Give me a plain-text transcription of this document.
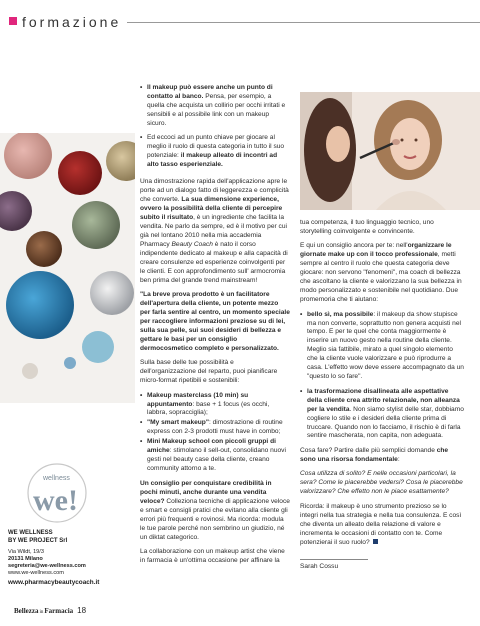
formazione

• Il makeup può essere anche un punto di contatto al banco. Pensa, per esempio, a quella che acquista un collirio per occhi irritati e sensibili e al possibile link con un makeup sicuro.

• Ed eccoci ad un punto chiave per giocare al meglio il ruolo di questa categoria in tutto il suo potenziale: il makeup alleato di incontri ad alto tasso esperienziale.

Una dimostrazione rapida dell'applicazione apre le porte ad un dialogo fatto di leggerezza e complicità che converte. La sua dimensione experience, ovvero la possibilità della cliente di percepire subito il risultato, è un ingrediente che facilita la vendita. Ne parlo da sempre, ed è il motivo per cui già nel lontano 2010 nella mia accademia Pharmacy Beauty Coach è nato il corso indipendente dedicato al makeup e alla capacità di creare consulenze ed esperienze coinvolgenti per le clienti. E con approfondimento sull' armocromia ben prima del grande trend mainstream!

"La breve prova prodotto è un facilitatore dell'apertura della cliente, un potente mezzo per farla sentire al centro, un momento speciale per raccogliere informazioni preziose su di lei, sulla sua pelle, sui suoi desideri di bellezza e gettare le basi per un consiglio dermocosmetico completo e personalizzato.

Sulla base delle tue possibilità e dell'organizzazione del reparto, puoi pianificare micro-format ripetibili e sostenibili:

• Makeup masterclass (10 min) su appuntamento: base + 1 focus (es occhi, labbra, sopracciglia);
• "My smart makeup": dimostrazione di routine express con 2-3 prodotti must have in combo;
• Mini Makeup school con piccoli gruppi di amiche: stimolano il sell-out, consolidano nuovi gesti nel beauty case della cliente, creano community attorno a te.

Un consiglio per conquistare credibilità in pochi minuti, anche durante una vendita veloce? Colleziona tecniche di applicazione veloce e smart e consigli pratici che evitano alla cliente gli errori più frequenti e rovinosi. Ma ricorda: modula le tue parole perché non sembrino un giudizio, né un diktat categorico.

La collaborazione con un makeup artist che viene in farmacia è un'ottima occasione per affinare la

tua competenza, il tuo linguaggio tecnico, uno storytelling coinvolgente e convincente.

E qui un consiglio ancora per te: nell'organizzare le giornate make up con il tocco professionale, metti sempre al centro il ruolo che questa categoria deve giocare: non servono "fenomeni", ma coach di bellezza che ascoltano la cliente e valorizzano la sua bellezza in modo personalizzato e sostenibile nel quotidiano. Due promemoria che ti aiutano:

• bello sì, ma possibile: il makeup da show stupisce ma non converte, soprattutto non genera acquisti nel tempo. E per te quel che conta maggiormente è inserire un nuovo gesto nella routine della cliente. Meglio sia fattibile, mirato a quel singolo elemento che la cliente vuole valorizzare e può riprodurre a casa. L'effetto wow deve essere accompagnato da un "questo lo so fare".

• la trasformazione disallineata alle aspettative della cliente crea attrito relazionale, non alleanza per la vendita. Non siamo stylist delle star, dobbiamo cogliere lo stile e i desideri della cliente prima di truccare. Quando non lo facciamo, il rischio è di farla sentire mascherata, non capita, non adeguata.

Cosa fare? Partire dalle più semplici domande che sono una risorsa fondamentale:

Cosa utilizza di solito? E nelle occasioni particolari, la sera? Come le piacerebbe vedersi? Cosa le piacerebbe valorizzare? Che effetto non le piace esattamente?

Ricorda: il makeup è uno strumento prezioso se lo integri nella tua strategia e nella tua consulenza. E così che diventa un alleato della relazione di valore e incrementa le occasioni di contatto con te. Come potenzierai il suo ruolo?

Sarah Cossu
wellness
we!
WE WELLNESS
BY WE PROJECT Srl
Via Wildt, 19/3
20131 Milano
segreteria@we-wellness.com
www.we-wellness.com
www.pharmacybeautycoach.it
BellezzainFarmacia 18
